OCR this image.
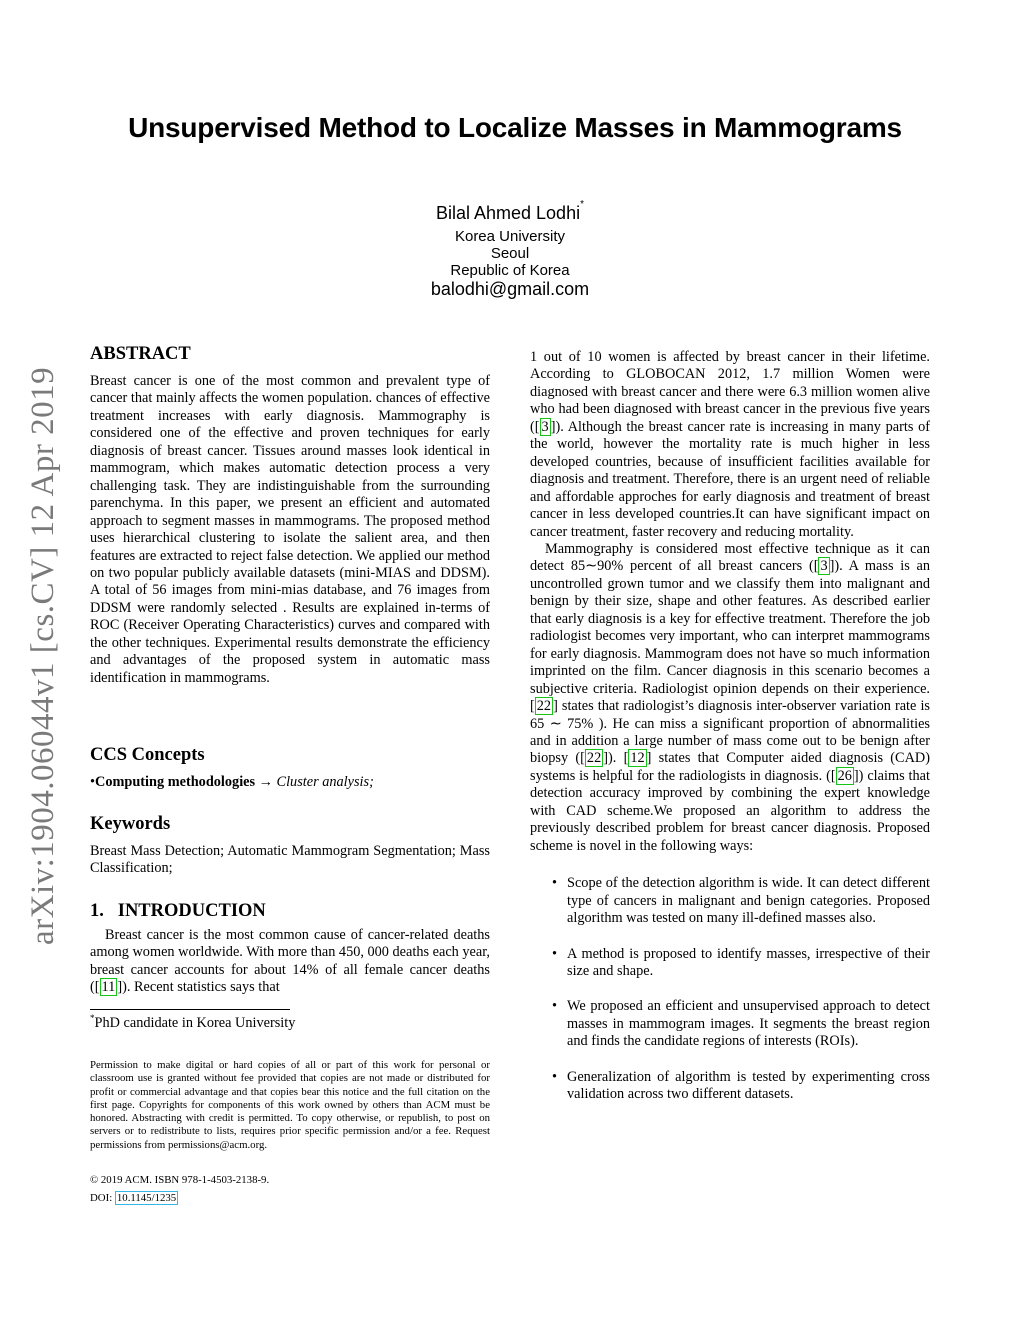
Unsupervised Method to Localize Masses in Mammograms
Bilal Ahmed Lodhi*
Korea University
Seoul
Republic of Korea
balodhi@gmail.com
arXiv:1904.06044v1 [cs.CV] 12 Apr 2019
ABSTRACT

Breast cancer is one of the most common and prevalent type of cancer that mainly affects the women population. chances of effective treatment increases with early diagnosis. Mammography is considered one of the effective and proven techniques for early diagnosis of breast cancer. Tissues around masses look identical in mammogram, which makes automatic detection process a very challenging task. They are indistinguishable from the surrounding parenchyma. In this paper, we present an efficient and automated approach to segment masses in mammograms. The proposed method uses hierarchical clustering to isolate the salient area, and then features are extracted to reject false detection. We applied our method on two popular publicly available datasets (mini-MIAS and DDSM). A total of 56 images from mini-mias database, and 76 images from DDSM were randomly selected . Results are explained in-terms of ROC (Receiver Operating Characteristics) curves and compared with the other techniques. Experimental results demonstrate the efficiency and advantages of the proposed system in automatic mass identification in mammograms.

CCS Concepts
•Computing methodologies → Cluster analysis;
Keywords
Breast Mass Detection; Automatic Mammogram Segmentation; Mass Classification;
1.   INTRODUCTION

Breast cancer is the most common cause of cancer-related deaths among women worldwide. With more than 450, 000 deaths each year, breast cancer accounts for about 14% of all female cancer deaths ([ 11 ]). Recent statistics says that

*PhD candidate in Korea University
Permission to make digital or hard copies of all or part of this work for personal or classroom use is granted without fee provided that copies are not made or distributed for profit or commercial advantage and that copies bear this notice and the full citation on the first page. Copyrights for components of this work owned by others than ACM must be honored. Abstracting with credit is permitted. To copy otherwise, or republish, to post on servers or to redistribute to lists, requires prior specific permission and/or a fee. Request permissions from permissions@acm.org.
© 2019 ACM. ISBN 978-1-4503-2138-9.
DOI: 10.1145/1235

1 out of 10 women is affected by breast cancer in their lifetime. According to GLOBOCAN 2012, 1.7 million Women were diagnosed with breast cancer and there were 6.3 million women alive who had been diagnosed with breast cancer in the previous five years ([ 3 ]). Although the breast cancer rate is increasing in many parts of the world, however the mortality rate is much higher in less developed countries, because of insufficient facilities available for diagnosis and treatment. Therefore, there is an urgent need of reliable and affordable approches for early diagnosis and treatment of breast cancer in less developed countries.It can have significant impact on cancer treatment, faster recovery and reducing mortality.

Mammography is considered most effective technique as it can detect 85∼90% percent of all breast cancers ([ 3 ]). A mass is an uncontrolled grown tumor and we classify them into malignant and benign by their size, shape and other features. As described earlier that early diagnosis is a key for effective treatment. Therefore the job radiologist becomes very important, who can interpret mammograms for early diagnosis. Mammogram does not have so much information imprinted on the film. Cancer diagnosis in this scenario becomes a subjective criteria. Radiologist opinion depends on their experience. [ 22 ] states that radiologist’s diagnosis inter-observer variation rate is 65 ∼ 75% ). He can miss a significant proportion of abnormalities and in addition a large number of mass come out to be benign after biopsy ([ 22 ]). [ 12 ] states that Computer aided diagnosis (CAD) systems is helpful for the radiologists in diagnosis. ([ 26 ]) claims that detection accuracy improved by combining the expert knowledge with CAD scheme.We proposed an algorithm to address the previously described problem for breast cancer diagnosis. Proposed scheme is novel in the following ways:

• Scope of the detection algorithm is wide. It can detect different type of cancers in malignant and benign categories. Proposed algorithm was tested on many ill-defined masses also.
• A method is proposed to identify masses, irrespective of their size and shape.
• We proposed an efficient and unsupervised approach to detect masses in mammogram images. It segments the breast region and finds the candidate regions of interests (ROIs).
• Generalization of algorithm is tested by experimenting cross validation across two different datasets.
